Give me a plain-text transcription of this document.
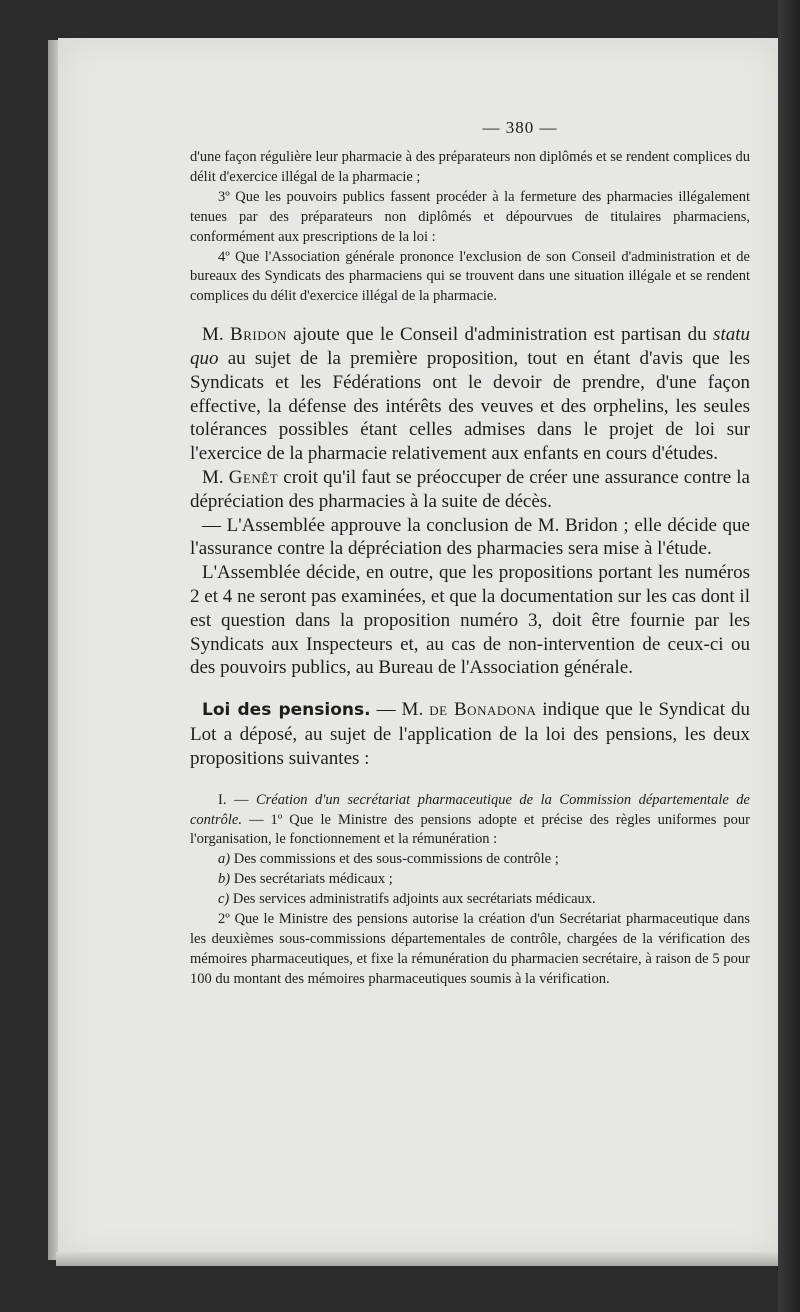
— 380 —

d'une façon régulière leur pharmacie à des préparateurs non diplômés et se rendent complices du délit d'exercice illégal de la pharmacie ;

3º Que les pouvoirs publics fassent procéder à la fermeture des pharmacies illégalement tenues par des préparateurs non diplômés et dépourvues de titulaires pharmaciens, conformément aux prescriptions de la loi :

4º Que l'Association générale prononce l'exclusion de son Conseil d'administration et de bureaux des Syndicats des pharmaciens qui se trouvent dans une situation illégale et se rendent complices du délit d'exercice illégal de la pharmacie.

M. Bridon ajoute que le Conseil d'administration est partisan du statu quo au sujet de la première proposition, tout en étant d'avis que les Syndicats et les Fédérations ont le devoir de prendre, d'une façon effective, la défense des intérêts des veuves et des orphelins, les seules tolérances possibles étant celles admises dans le projet de loi sur l'exercice de la pharmacie relativement aux enfants en cours d'études.

M. Genêt croit qu'il faut se préoccuper de créer une assurance contre la dépréciation des pharmacies à la suite de décès.

— L'Assemblée approuve la conclusion de M. Bridon ; elle décide que l'assurance contre la dépréciation des pharmacies sera mise à l'étude.

L'Assemblée décide, en outre, que les propositions portant les numéros 2 et 4 ne seront pas examinées, et que la documentation sur les cas dont il est question dans la proposition numéro 3, doit être fournie par les Syndicats aux Inspecteurs et, au cas de non-intervention de ceux-ci ou des pouvoirs publics, au Bureau de l'Association générale.

Loi des pensions. — M. de Bonadona indique que le Syndicat du Lot a déposé, au sujet de l'application de la loi des pensions, les deux propositions suivantes :

I. — Création d'un secrétariat pharmaceutique de la Commission départementale de contrôle. — 1º Que le Ministre des pensions adopte et précise des règles uniformes pour l'organisation, le fonctionnement et la rémunération :

a) Des commissions et des sous-commissions de contrôle ;

b) Des secrétariats médicaux ;

c) Des services administratifs adjoints aux secrétariats médicaux.

2º Que le Ministre des pensions autorise la création d'un Secrétariat pharmaceutique dans les deuxièmes sous-commissions départementales de contrôle, chargées de la vérification des mémoires pharmaceutiques, et fixe la rémunération du pharmacien secrétaire, à raison de 5 pour 100 du montant des mémoires pharmaceutiques soumis à la vérification.
